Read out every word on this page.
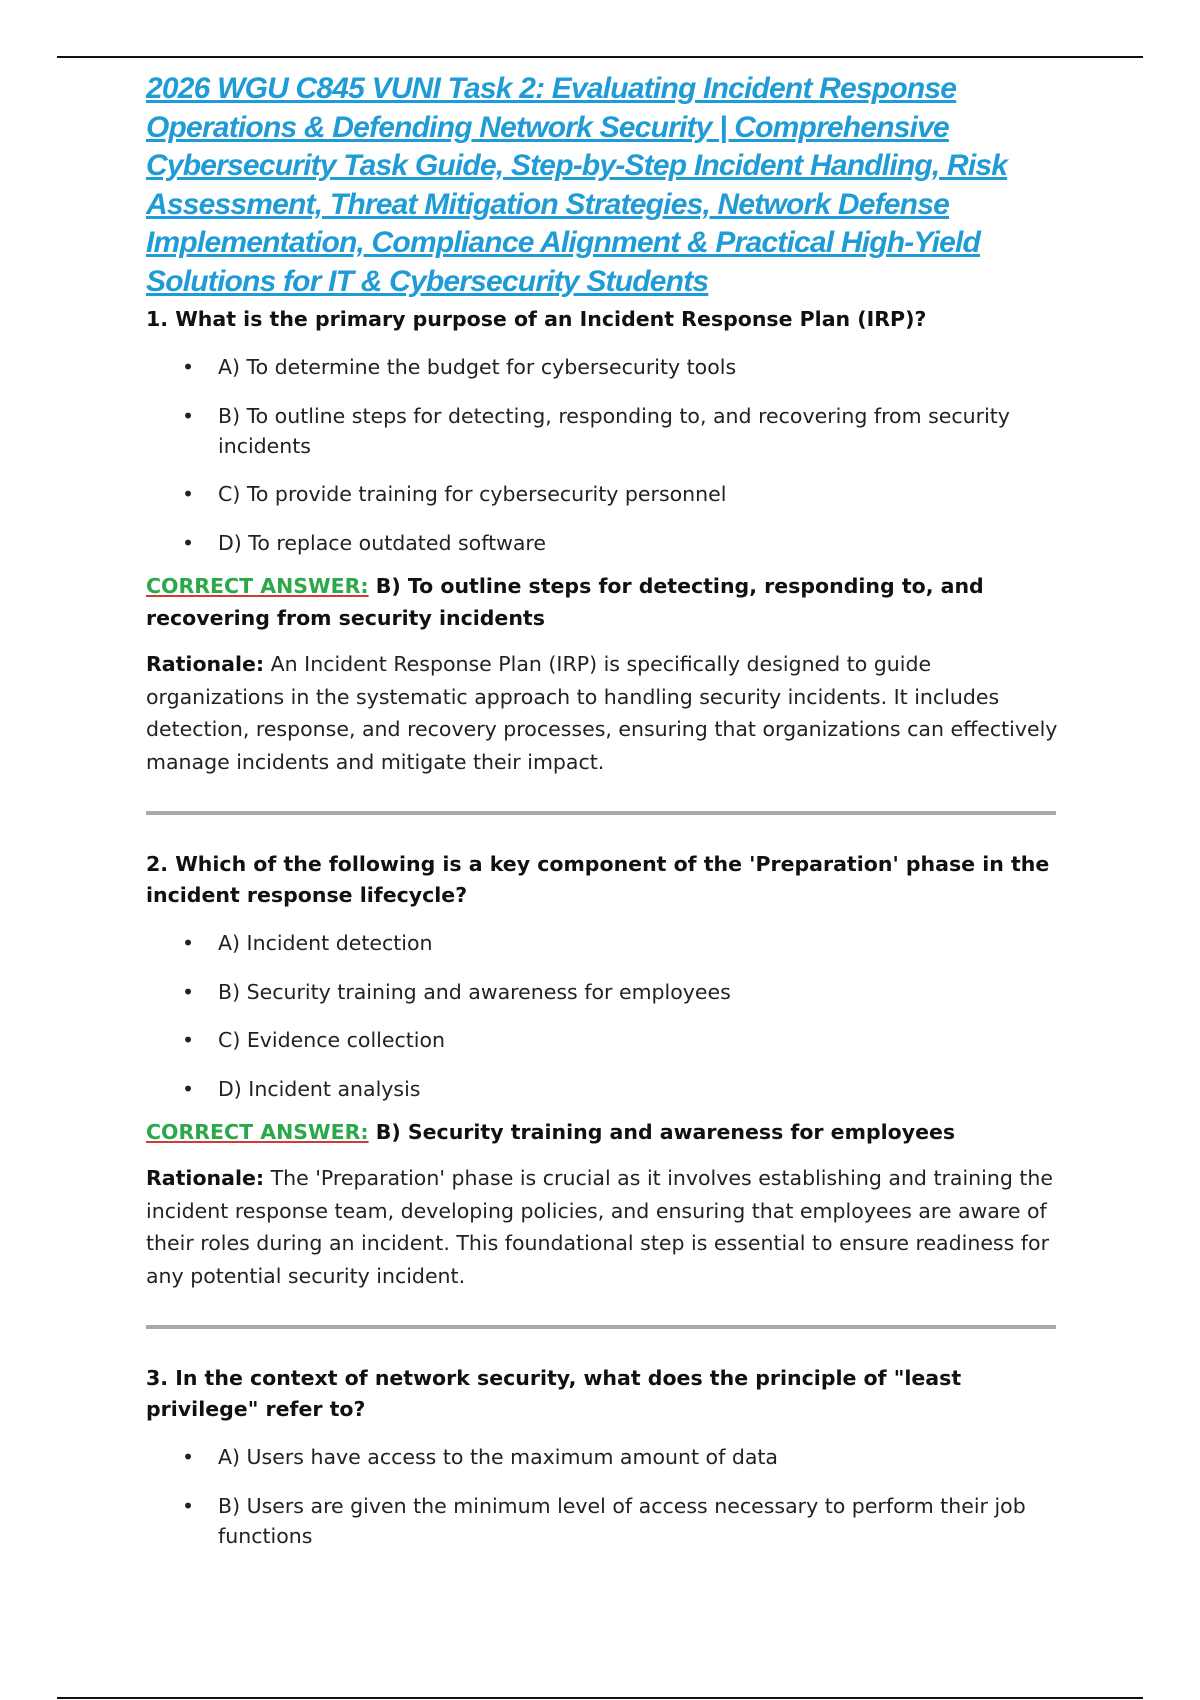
2026 WGU C845 VUNI Task 2: Evaluating Incident Response Operations & Defending Network Security | Comprehensive Cybersecurity Task Guide, Step-by-Step Incident Handling, Risk Assessment, Threat Mitigation Strategies, Network Defense Implementation, Compliance Alignment & Practical High-Yield Solutions for IT & Cybersecurity Students

1. What is the primary purpose of an Incident Response Plan (IRP)?

• A) To determine the budget for cybersecurity tools
• B) To outline steps for detecting, responding to, and recovering from security incidents
• C) To provide training for cybersecurity personnel
• D) To replace outdated software

CORRECT ANSWER: B) To outline steps for detecting, responding to, and recovering from security incidents

Rationale: An Incident Response Plan (IRP) is specifically designed to guide organizations in the systematic approach to handling security incidents. It includes detection, response, and recovery processes, ensuring that organizations can effectively manage incidents and mitigate their impact.

2. Which of the following is a key component of the 'Preparation' phase in the incident response lifecycle?

• A) Incident detection
• B) Security training and awareness for employees
• C) Evidence collection
• D) Incident analysis

CORRECT ANSWER: B) Security training and awareness for employees

Rationale: The 'Preparation' phase is crucial as it involves establishing and training the incident response team, developing policies, and ensuring that employees are aware of their roles during an incident. This foundational step is essential to ensure readiness for any potential security incident.

3. In the context of network security, what does the principle of "least privilege" refer to?

• A) Users have access to the maximum amount of data
• B) Users are given the minimum level of access necessary to perform their job functions
